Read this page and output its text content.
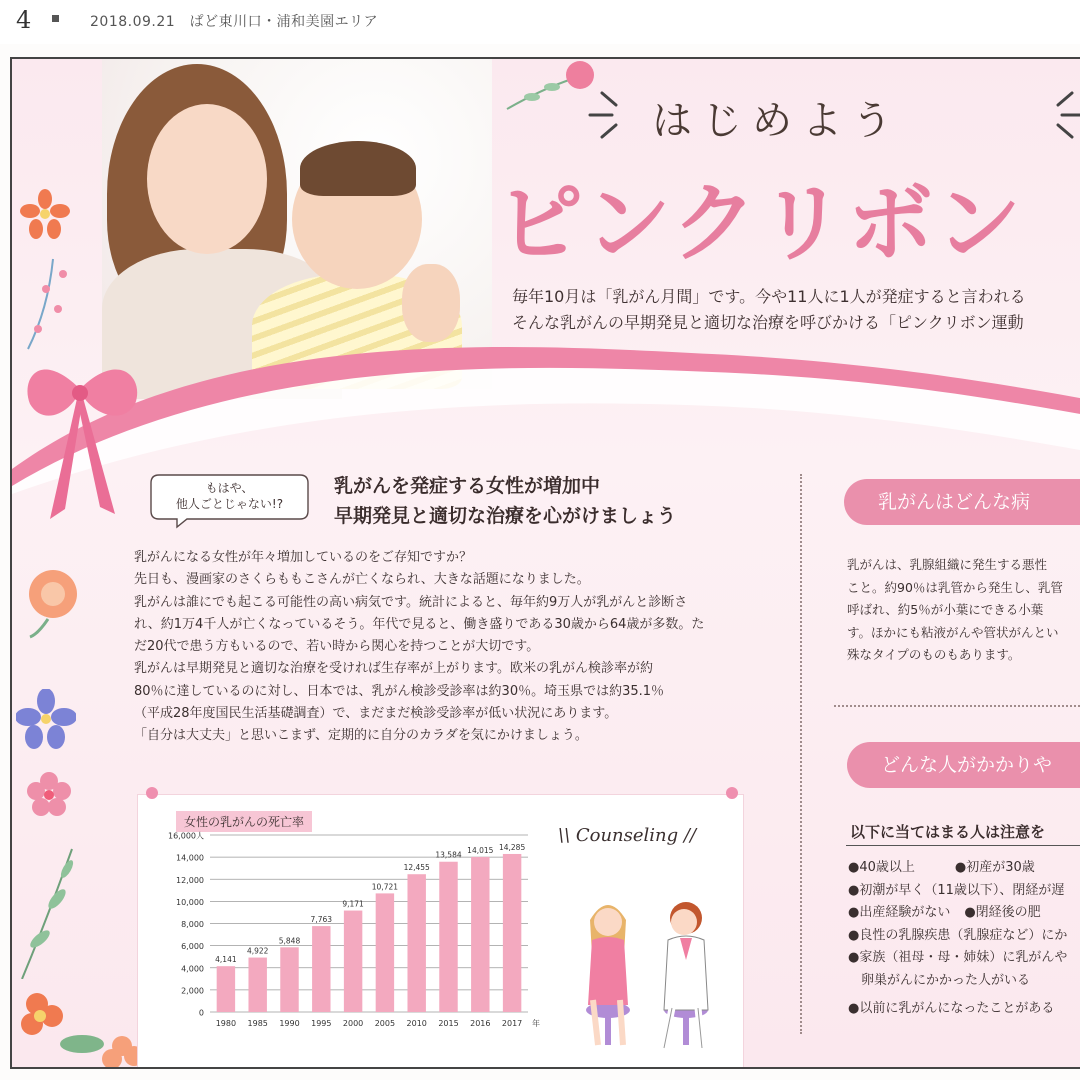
4	2018.09.21　ぱど東川口・浦和美園エリア
はじめよう
ピンクリボン
毎年10月は「乳がん月間」です。今や11人に1人が発症すると言われる
そんな乳がんの早期発見と適切な治療を呼びかける「ピンクリボン運動
もはや、
他人ごとじゃない!?
乳がんを発症する女性が増加中
早期発見と適切な治療を心がけましょう

乳がんになる女性が年々増加しているのをご存知ですか？

先日も、漫画家のさくらももこさんが亡くなられ、大きな話題になりました。

乳がんは誰にでも起こる可能性の高い病気です。統計によると、毎年約9万人が乳がんと診断さ

れ、約1万4千人が亡くなっているそう。年代で見ると、働き盛りである30歳から64歳が多数。た

だ20代で患う方もいるので、若い時から関心を持つことが大切です。

乳がんは早期発見と適切な治療を受ければ生存率が上がります。欧米の乳がん検診率が約

80％に達しているのに対し、日本では、乳がん検診受診率は約30％。埼玉県では約35.1％

（平成28年度国民生活基礎調査）で、まだまだ検診受診率が低い状況にあります。

「自分は大丈夫」と思いこまず、定期的に自分のカラダを気にかけましょう。

女性の乳がんの死亡率
16,000人
14,000
12,000
10,000
8,000
6,000
4,000
2,000
0
4,141
1980
4,922
1985
5,848
1990
7,763
1995
9,171
2000
10,721
2005
12,455
2010
13,584
2015
14,015
2016
14,285
2017 年
\\ Counseling //
乳がんはどんな病

乳がんは、乳腺組織に発生する悪性

こと。約90％は乳管から発生し、乳管

呼ばれ、約5％が小葉にできる小葉

す。ほかにも粘液がんや管状がんとい

殊なタイプのものもあります。

どんな人がかかりや
以下に当てはまる人は注意を
●40歳以上	●初産が30歳
●初潮が早く（11歳以下）、閉経が遅
●出産経験がない ●閉経後の肥
●良性の乳腺疾患（乳腺症など）にか
●家族（祖母・母・姉妹）に乳がんや
　卵巣がんにかかった人がいる
●以前に乳がんになったことがある
